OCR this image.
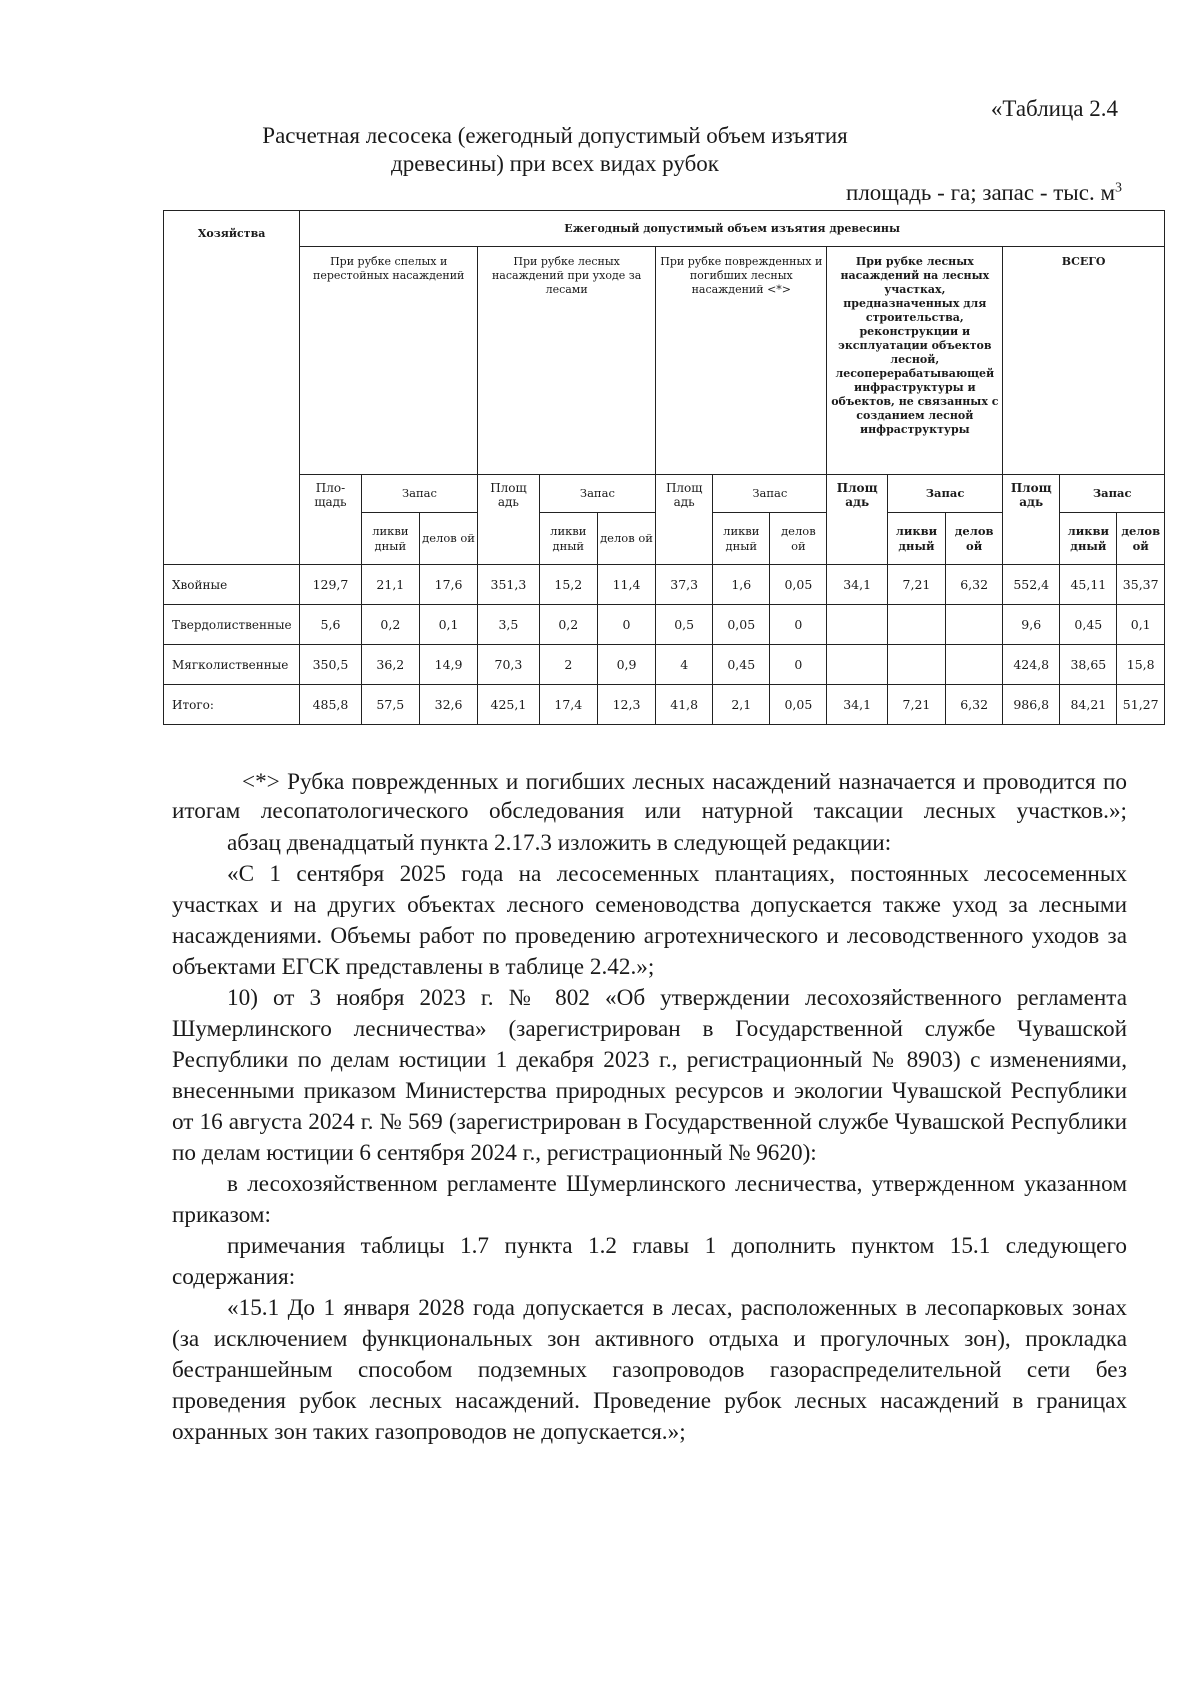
«Таблица 2.4
Расчетная лесосека (ежегодный допустимый объем изъятия
древесины) при всех видах рубок
площадь - га; запас - тыс. $м^3$
Хозяйства	Ежегодный допустимый объем изъятия древесины														
	При рубке спелых и перестойных насаждений			При рубке лесных насаждений при уходе за лесами			При рубке поврежденных и погибших лесных насаждений <*>			При рубке лесных насаждений на лесных участках, предназначенных для строительства, реконструкции и эксплуатации объектов лесной, лесоперерабатывающей инфраструктуры и объектов, не связанных с созданием лесной инфраструктуры			ВСЕГО		
	Пло-щадь	Запас		Площ адь	Запас		Площ адь	Запас		Площ адь	Запас		Площ адь	Запас	
		ликви дный	делов ой		ликви дный	делов ой		ликви дный	делов ой		ликви дный	делов ой		ликви дный	делов ой
Хвойные	129,7	21,1	17,6	351,3	15,2	11,4	37,3	1,6	0,05	34,1	7,21	6,32	552,4	45,11	35,37
Твердолиственные	5,6	0,2	0,1	3,5	0,2	0	0,5	0,05	0				9,6	0,45	0,1
Мягколиственные	350,5	36,2	14,9	70,3	2	0,9	4	0,45	0				424,8	38,65	15,8
Итого:	485,8	57,5	32,6	425,1	17,4	12,3	41,8	2,1	0,05	34,1	7,21	6,32	986,8	84,21	51,27

<*> Рубка поврежденных и погибших лесных насаждений назначается и проводится по итогам лесопатологического обследования или натурной таксации лесных участков.»;

абзац двенадцатый пункта 2.17.3 изложить в следующей редакции:

«С 1 сентября 2025 года на лесосеменных плантациях, постоянных лесосеменных участках и на других объектах лесного семеноводства допускается также уход за лесными насаждениями. Объемы работ по проведению агротехнического и лесоводственного уходов за объектами ЕГСК представлены в таблице 2.42.»;

10) от 3 ноября 2023 г. № 802 «Об утверждении лесохозяйственного регламента Шумерлинского лесничества» (зарегистрирован в Государственной службе Чувашской Республики по делам юстиции 1 декабря 2023 г., регистрационный № 8903) с изменениями, внесенными приказом Министерства природных ресурсов и экологии Чувашской Республики от 16 августа 2024 г. № 569 (зарегистрирован в Государственной службе Чувашской Республики по делам юстиции 6 сентября 2024 г., регистрационный № 9620):

в лесохозяйственном регламенте Шумерлинского лесничества, утвержденном указанном приказом:

примечания таблицы 1.7 пункта 1.2 главы 1 дополнить пунктом 15.1 следующего содержания:

«15.1 До 1 января 2028 года допускается в лесах, расположенных в лесопарковых зонах (за исключением функциональных зон активного отдыха и прогулочных зон), прокладка бестраншейным способом подземных газопроводов газораспределительной сети без проведения рубок лесных насаждений. Проведение рубок лесных насаждений в границах охранных зон таких газопроводов не допускается.»;
